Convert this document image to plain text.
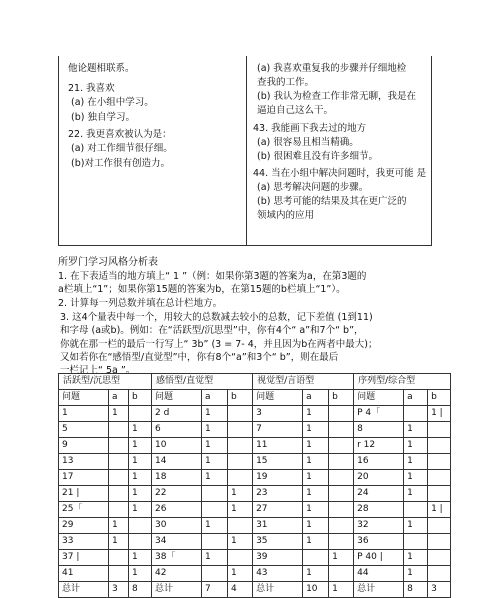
他论题相联系。
21. 我喜欢
(a) 在小组中学习。
(b) 独自学习。
22. 我更喜欢被认为是：
(a) 对工作细节很仔细。
(b)对工作很有创造力。
(a) 我喜欢重复我的步骤并仔细地检
查我的工作。
(b) 我认为检查工作非常无聊，我是在
逼迫自己这么干。
43. 我能画下我去过的地方
(a) 很容易且相当精确。
(b) 很困难且没有许多细节。
44. 当在小组中解决问题时，我更可能 是
(a) 思考解决问题的步骤。
(b) 思考可能的结果及其在更广泛的
领域内的应用
所罗门学习风格分析表
1. 在下表适当的地方填上“ 1 ”（例：如果你第3题的答案为a，在第3题的
a栏填上“1”；如果你第15题的答案为b，在第15题的b栏填上“1”）。
2. 计算每一列总数并填在总计栏地方。
3. 这4个量表中每一个，用较大的总数减去较小的总数，记下差值 (1到11)
和字母 (a或b)。例如：在“活跃型/沉思型”中，你有4个“ a”和7个“ b”，
你就在那一栏的最后一行写上“ 3b” (3 = 7- 4，并且因为b在两者中最大)；
又如若你在“感悟型/直觉型”中，你有8个“a”和3个“ b”，则在最后
一栏记上“ 5a ”。
活跃型/沉思型			感悟型/直觉型			视觉型/言语型			序列型/综合型		
问题	a	b	问题	a	b	问题	a	b	问题	a	b
1	1		2 d	1		3	1		P 4「		1 |
5		1	6	1		7	1		8	1	
9		1	10	1		11	1		r 12	1	
13		1	14	1		15	1		16	1	
17		1	18	1		19	1		20	1	
21 |		1	22		1	23	1		24	1	
25「		1	26		1	27	1		28		1 |
29	1		30	1		31	1		32	1	
33	1		34		1	35	1		36		
37 |		1	38「	1		39		1	P 40 |	1	
41		1	42		1	43	1		44	1	
总计	3	8	总计	7	4	总计	10	1	总计	8	3
